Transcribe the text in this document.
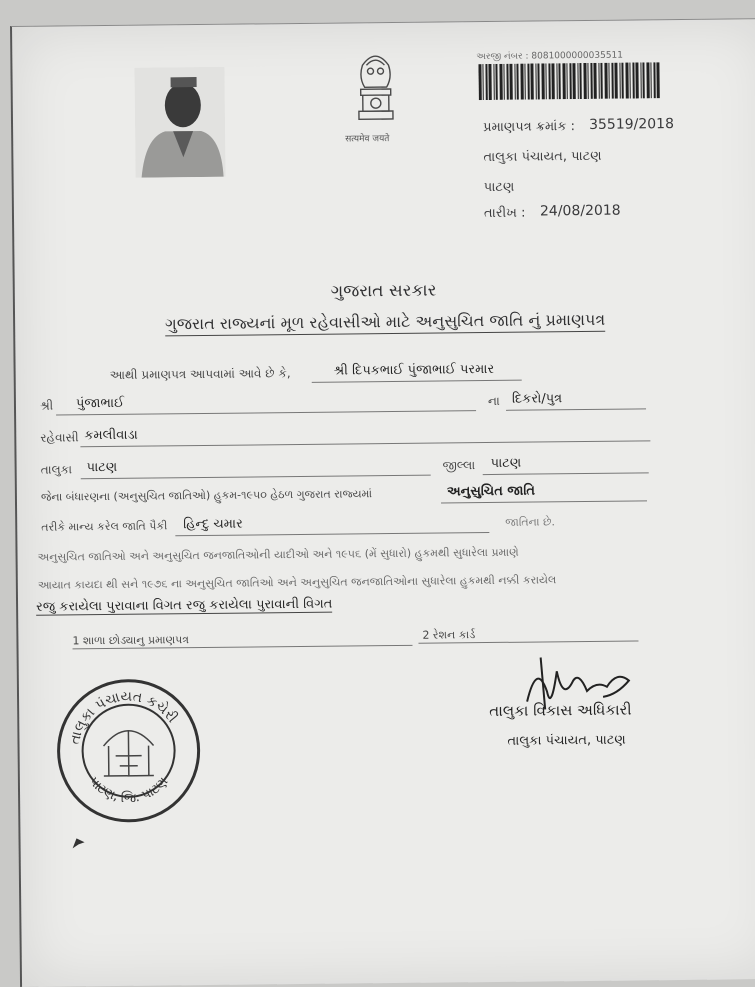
सत्यमेव जयते
અરજી નંબર : 8081000000035511
પ્રમાણપત્ર ક્રમાંક : 35519/2018
તાલુકા પંચાયત, પાટણ
પાટણ
તારીખ : 24/08/2018
ગુજરાત સરકાર
ગુજરાત રાજ્યનાં મૂળ રહેવાસીઓ માટે અનુસુચિત જાતિ નું પ્રમાણપત્ર
આથી પ્રમાણપત્ર આપવામાં આવે છે કે,	શ્રી દિપકભાઈ પુંજાભાઈ પરમાર
શ્રી પુંજાભાઈ	ના દિકરો/પુત્ર
રહેવાસી કમલીવાડા
તાલુકા પાટણ	જીલ્લા પાટણ
જેના બંધારણના (અનુસુચિત જાતિઓ) હુકમ-૧૯૫૦ હેઠળ ગુજરાત રાજ્યમાં	અનુસુચિત જાતિ
તરીકે માન્ય કરેલ જાતિ પૈકી હિન્દુ ચમાર	જાતિના છે.
અનુસુચિત જાતિઓ અને અનુસુચિત જનજાતિઓની યાદીઓ અને ૧૯૫૬ (મેં સુધારો) હુકમથી સુધારેલા પ્રમાણે
આયાત કાયદા થી સને ૧૯૭૬ ના અનુસુચિત જાતિઓ અને અનુસુચિત જનજાતિઓના સુધારેલા હુકમથી નક્કી કરાયેલ
રજુ કરાયેલા પુરાવાના વિગત રજુ કરાયેલા પુરાવાની વિગત
1 શાળા છોડ્યાનુ પ્રમાણપત્ર	2 રેશન કાર્ડ
તાલુકા પંચાયત કચેરી
પાટણ, જિ. પાટણ
તાલુકા વિકાસ અધિકારી
તાલુકા પંચાયત, પાટણ
